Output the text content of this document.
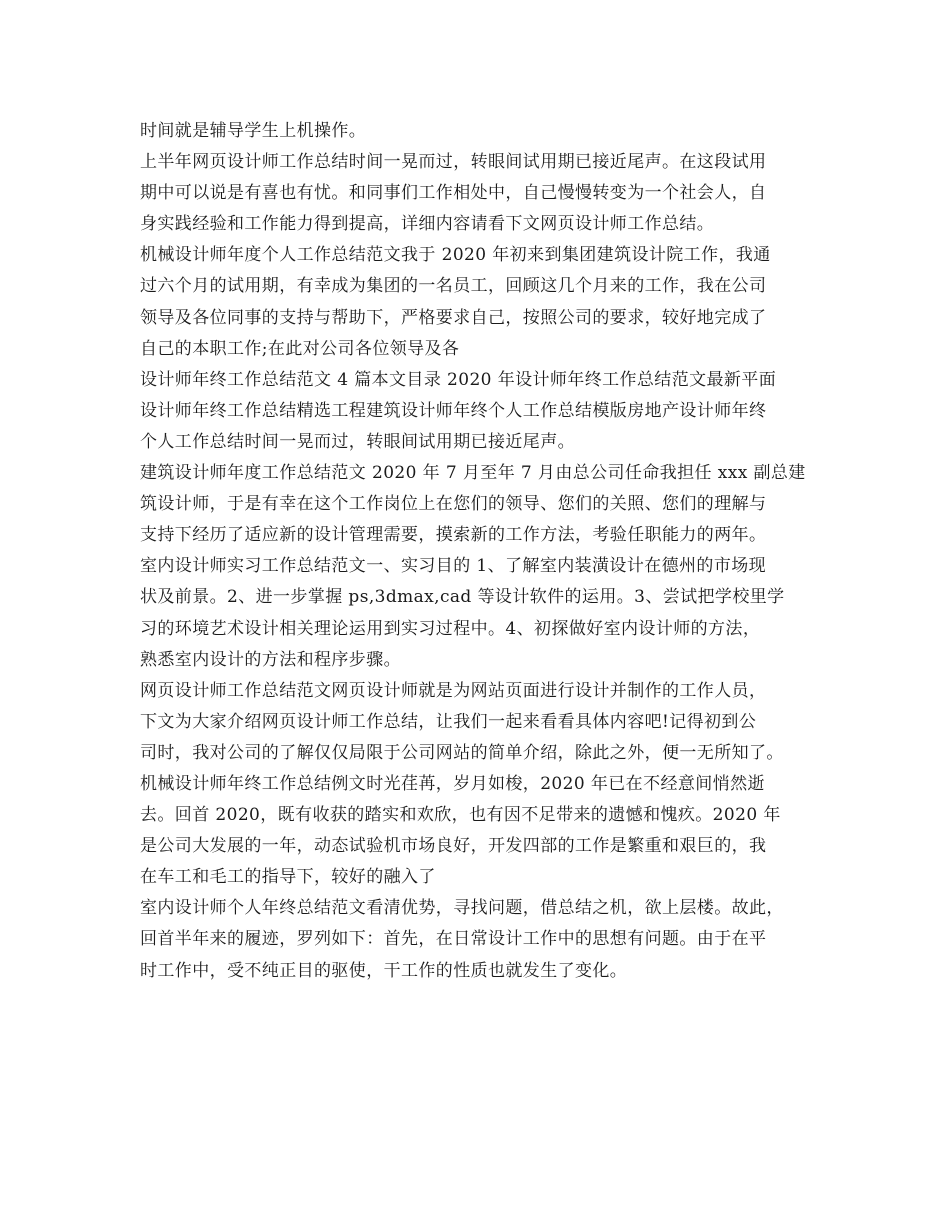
时间就是辅导学生上机操作。

上半年网页设计师工作总结时间一晃而过，转眼间试用期已接近尾声。在这段试用
期中可以说是有喜也有忧。和同事们工作相处中，自己慢慢转变为一个社会人，自
身实践经验和工作能力得到提高，详细内容请看下文网页设计师工作总结。

机械设计师年度个人工作总结范文我于 2020 年初来到集团建筑设计院工作，我通
过六个月的试用期，有幸成为集团的一名员工，回顾这几个月来的工作，我在公司
领导及各位同事的支持与帮助下，严格要求自己，按照公司的要求，较好地完成了
自己的本职工作;在此对公司各位领导及各

设计师年终工作总结范文 4 篇本文目录 2020 年设计师年终工作总结范文最新平面
设计师年终工作总结精选工程建筑设计师年终个人工作总结模版房地产设计师年终
个人工作总结时间一晃而过，转眼间试用期已接近尾声。

建筑设计师年度工作总结范文 2020 年 7 月至年 7 月由总公司任命我担任 xxx 副总建
筑设计师，于是有幸在这个工作岗位上在您们的领导、您们的关照、您们的理解与
支持下经历了适应新的设计管理需要，摸索新的工作方法，考验任职能力的两年。

室内设计师实习工作总结范文一、实习目的 1、了解室内装潢设计在德州的市场现
状及前景。2、进一步掌握 ps,3dmax,cad 等设计软件的运用。3、尝试把学校里学
习的环境艺术设计相关理论运用到实习过程中。4、初探做好室内设计师的方法，
熟悉室内设计的方法和程序步骤。

网页设计师工作总结范文网页设计师就是为网站页面进行设计并制作的工作人员，
下文为大家介绍网页设计师工作总结，让我们一起来看看具体内容吧!记得初到公
司时，我对公司的了解仅仅局限于公司网站的简单介绍，除此之外，便一无所知了。

机械设计师年终工作总结例文时光荏苒，岁月如梭，2020 年已在不经意间悄然逝
去。回首 2020，既有收获的踏实和欢欣，也有因不足带来的遗憾和愧疚。2020 年
是公司大发展的一年，动态试验机市场良好，开发四部的工作是繁重和艰巨的，我
在车工和毛工的指导下，较好的融入了

室内设计师个人年终总结范文看清优势，寻找问题，借总结之机，欲上层楼。故此，
回首半年来的履迹，罗列如下：首先，在日常设计工作中的思想有问题。由于在平
时工作中，受不纯正目的驱使，干工作的性质也就发生了变化。
